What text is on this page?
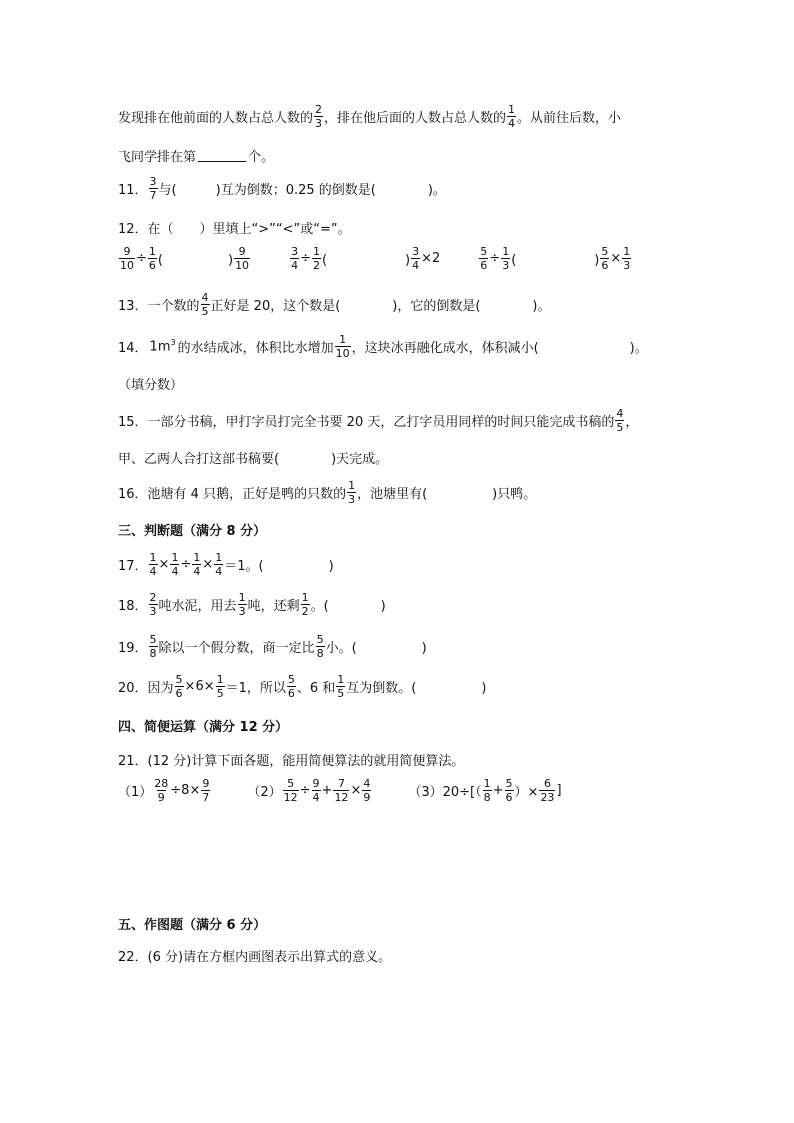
发现排在他前面的人数占总人数的 $\frac{2}{3}$ ，排在他后面的人数占总人数的 $\frac{1}{4}$ 。从前往后数，小
飞同学排在第	个。
11． $\frac{3}{7}$ 与(　　　)互为倒数；0.25 的倒数是(　　　　)。
12．在（　　）里填上“>”“<”或“=”。
$\frac{9}{10} \div \frac{1}{6}$ (　　　　　) $\frac{9}{10}$	$\frac{3}{4} \div \frac{1}{2}$ (　　　　　　) $\frac{3}{4} \times 2$	$\frac{5}{6} \div \frac{1}{3}$ (　　　　　　) $\frac{5}{6} \times \frac{1}{3}$
13．一个数的 $\frac{4}{5}$ 正好是 20，这个数是(　　　　)，它的倒数是(　　　　)。
14． $1m^3$ 的水结成冰，体积比水增加 $\frac{1}{10}$ ，这块冰再融化成水，体积减小(　　　　　　　)。
（填分数）
15．一部分书稿，甲打字员打完全书要 20 天，乙打字员用同样的时间只能完成书稿的 $\frac{4}{5}$ ，
甲、乙两人合打这部书稿要(　　　　)天完成。
16．池塘有 4 只鹅，正好是鸭的只数的 $\frac{1}{3}$ ，池塘里有(　　　　　)只鸭。
三、判断题（满分 8 分）
17． $\frac{1}{4} \times \frac{1}{4} \div \frac{1}{4} \times \frac{1}{4} =1$。(　　　　　)
18． $\frac{2}{3}$ 吨水泥，用去 $\frac{1}{3}$ 吨，还剩 $\frac{1}{2}$ 。(　　　　)
19． $\frac{5}{8}$ 除以一个假分数，商一定比 $\frac{5}{8}$ 小。(　　　　　)
20．因为 $\frac{5}{6} \times 6\times \frac{1}{5} =1$，所以 $\frac{5}{6}$ 、6 和 $\frac{1}{5}$ 互为倒数。(　　　　　)
四、简便运算（满分 12 分）
21．(12 分)计算下面各题，能用简便算法的就用简便算法。
$(1) \frac{28}{9} \div 8\times \frac{9}{7}$	$(2) \frac{5}{12} \div \frac{9}{4} + \frac{7}{12} \times \frac{4}{9}$	$(3)20\div[( \frac{1}{8} + \frac{5}{6}$ ）× $\frac{6}{23}$ ]
五、作图题（满分 6 分）
22．(6 分)请在方框内画图表示出算式的意义。
